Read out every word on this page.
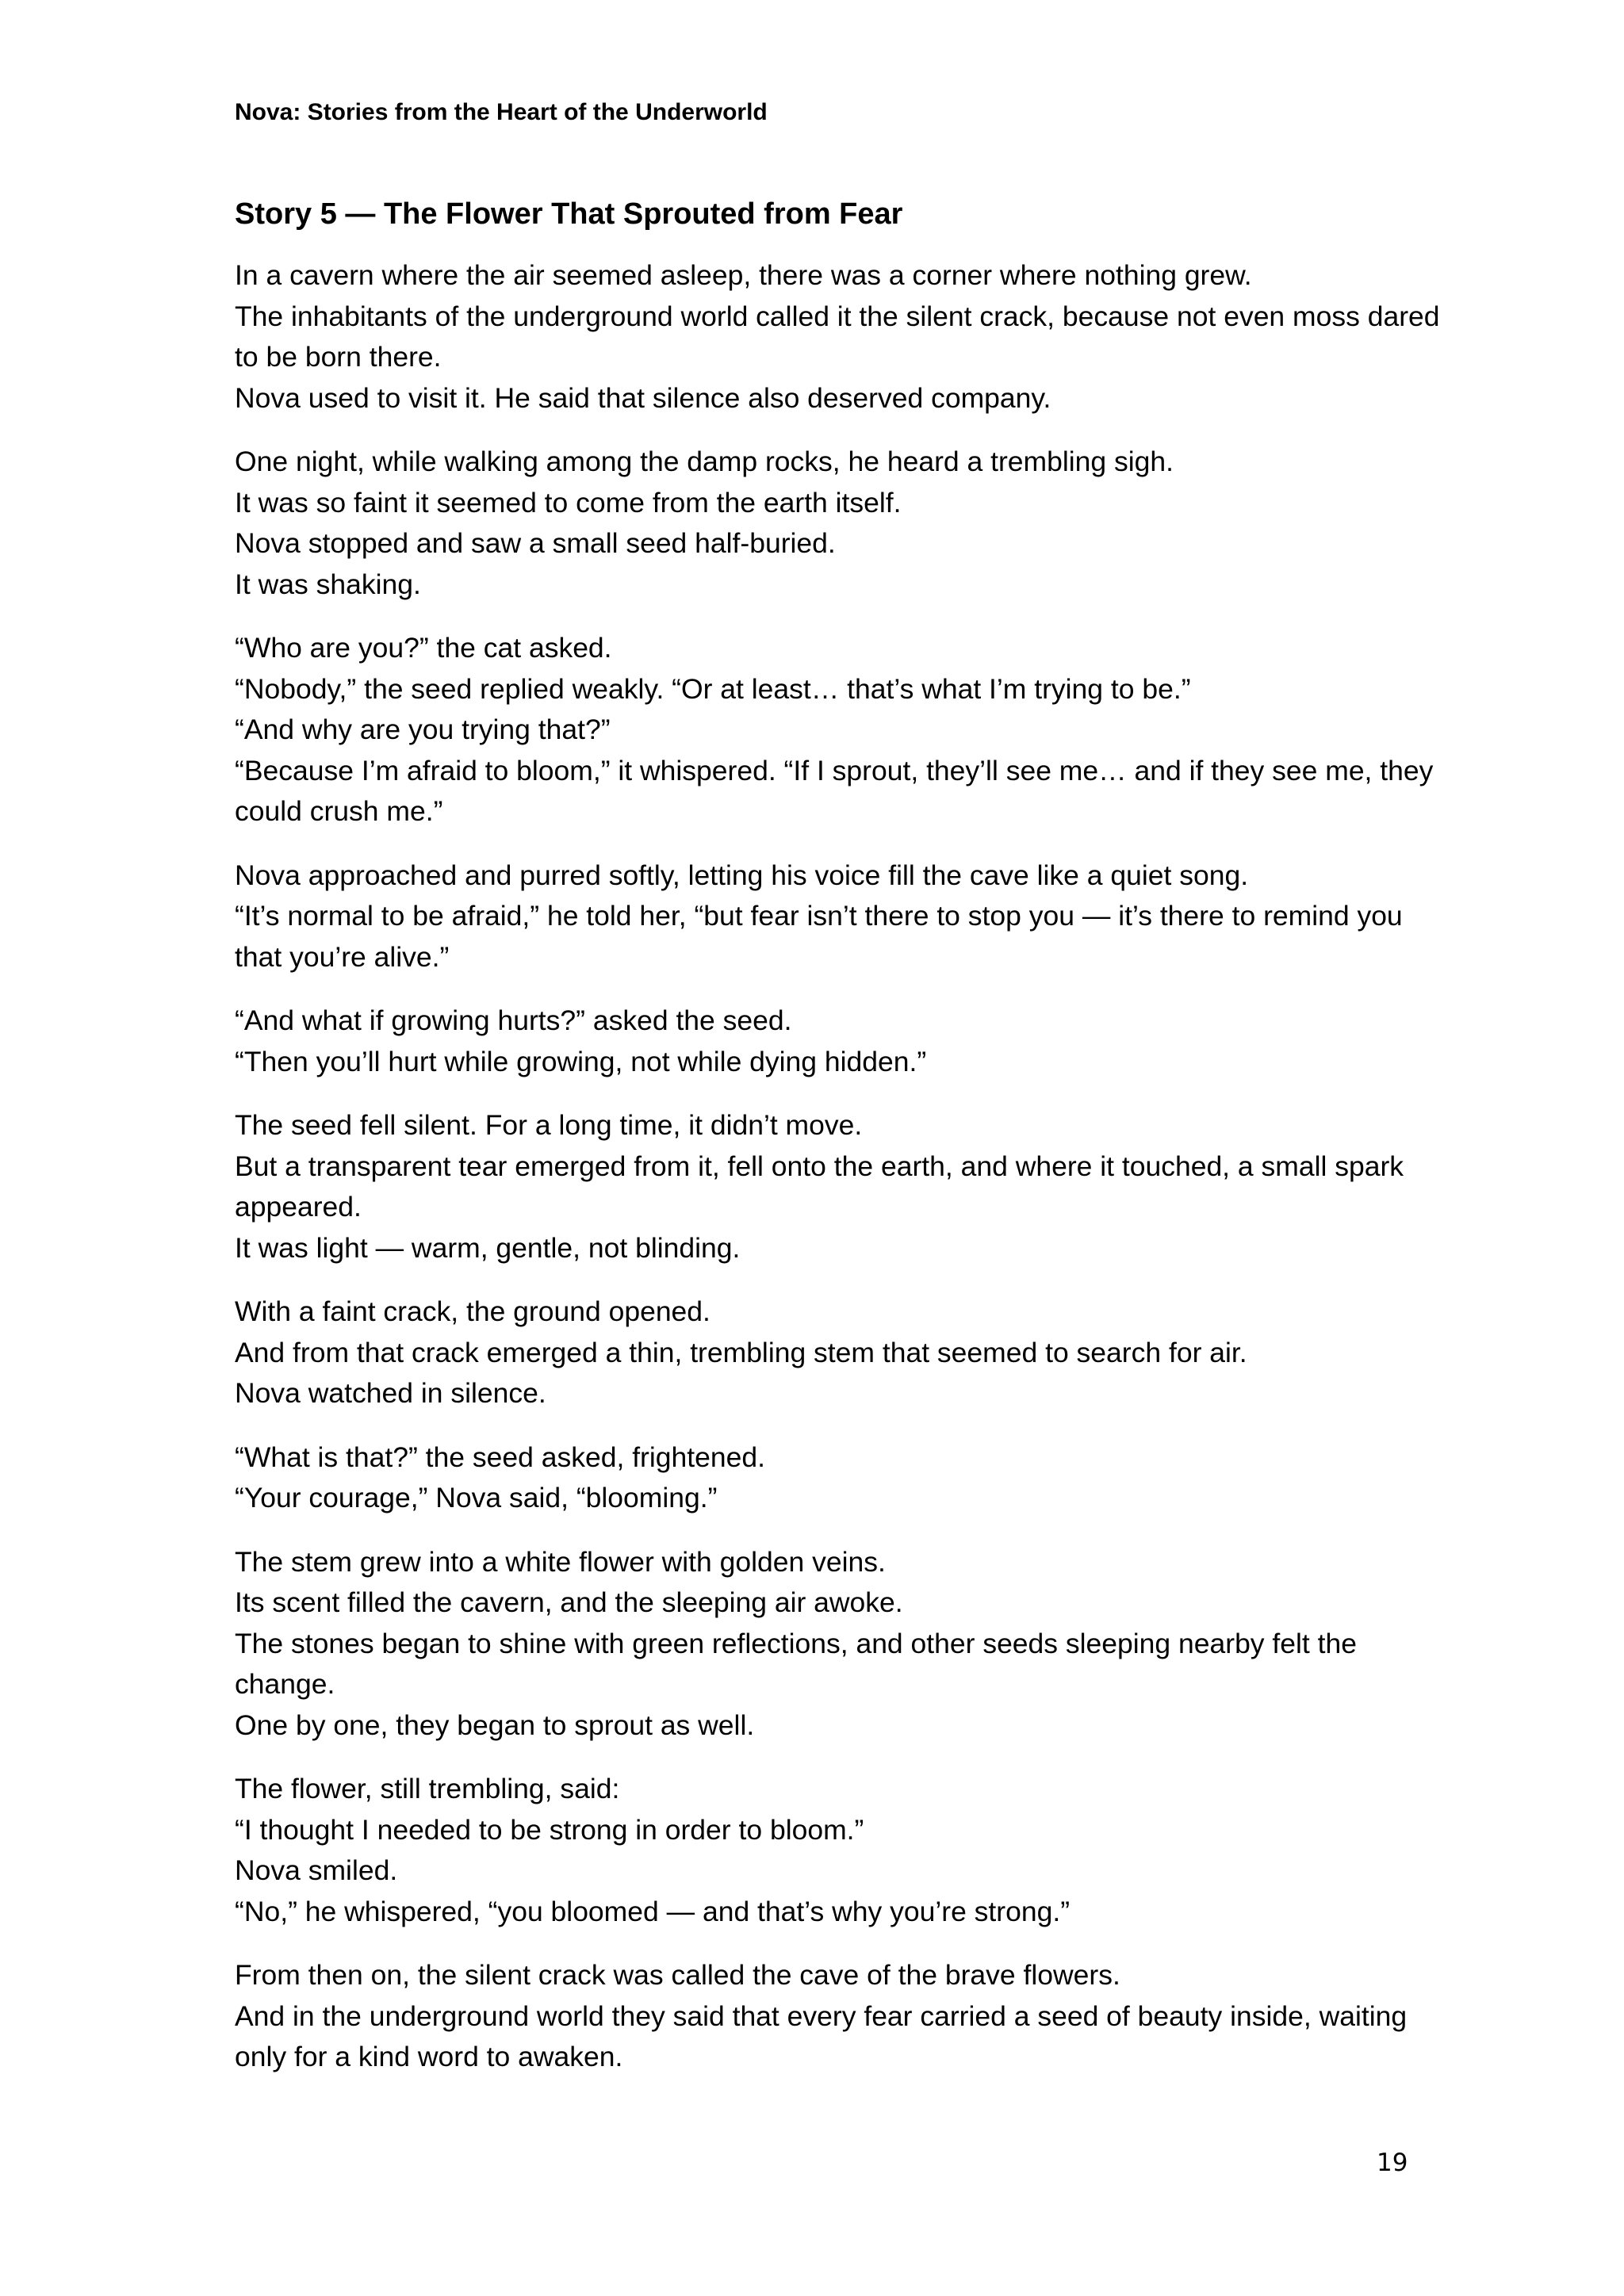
Nova: Stories from the Heart of the Underworld
Story 5 — The Flower That Sprouted from Fear
In a cavern where the air seemed asleep, there was a corner where nothing grew.
The inhabitants of the underground world called it the silent crack, because not even moss dared
to be born there.
Nova used to visit it. He said that silence also deserved company.
One night, while walking among the damp rocks, he heard a trembling sigh.
It was so faint it seemed to come from the earth itself.
Nova stopped and saw a small seed half-buried.
It was shaking.
“Who are you?” the cat asked.
“Nobody,” the seed replied weakly. “Or at least… that’s what I’m trying to be.”
“And why are you trying that?”
“Because I’m afraid to bloom,” it whispered. “If I sprout, they’ll see me… and if they see me, they
could crush me.”
Nova approached and purred softly, letting his voice fill the cave like a quiet song.
“It’s normal to be afraid,” he told her, “but fear isn’t there to stop you — it’s there to remind you
that you’re alive.”
“And what if growing hurts?” asked the seed.
“Then you’ll hurt while growing, not while dying hidden.”
The seed fell silent. For a long time, it didn’t move.
But a transparent tear emerged from it, fell onto the earth, and where it touched, a small spark
appeared.
It was light — warm, gentle, not blinding.
With a faint crack, the ground opened.
And from that crack emerged a thin, trembling stem that seemed to search for air.
Nova watched in silence.
“What is that?” the seed asked, frightened.
“Your courage,” Nova said, “blooming.”
The stem grew into a white flower with golden veins.
Its scent filled the cavern, and the sleeping air awoke.
The stones began to shine with green reflections, and other seeds sleeping nearby felt the
change.
One by one, they began to sprout as well.
The flower, still trembling, said:
“I thought I needed to be strong in order to bloom.”
Nova smiled.
“No,” he whispered, “you bloomed — and that’s why you’re strong.”
From then on, the silent crack was called the cave of the brave flowers.
And in the underground world they said that every fear carried a seed of beauty inside, waiting
only for a kind word to awaken.
19
